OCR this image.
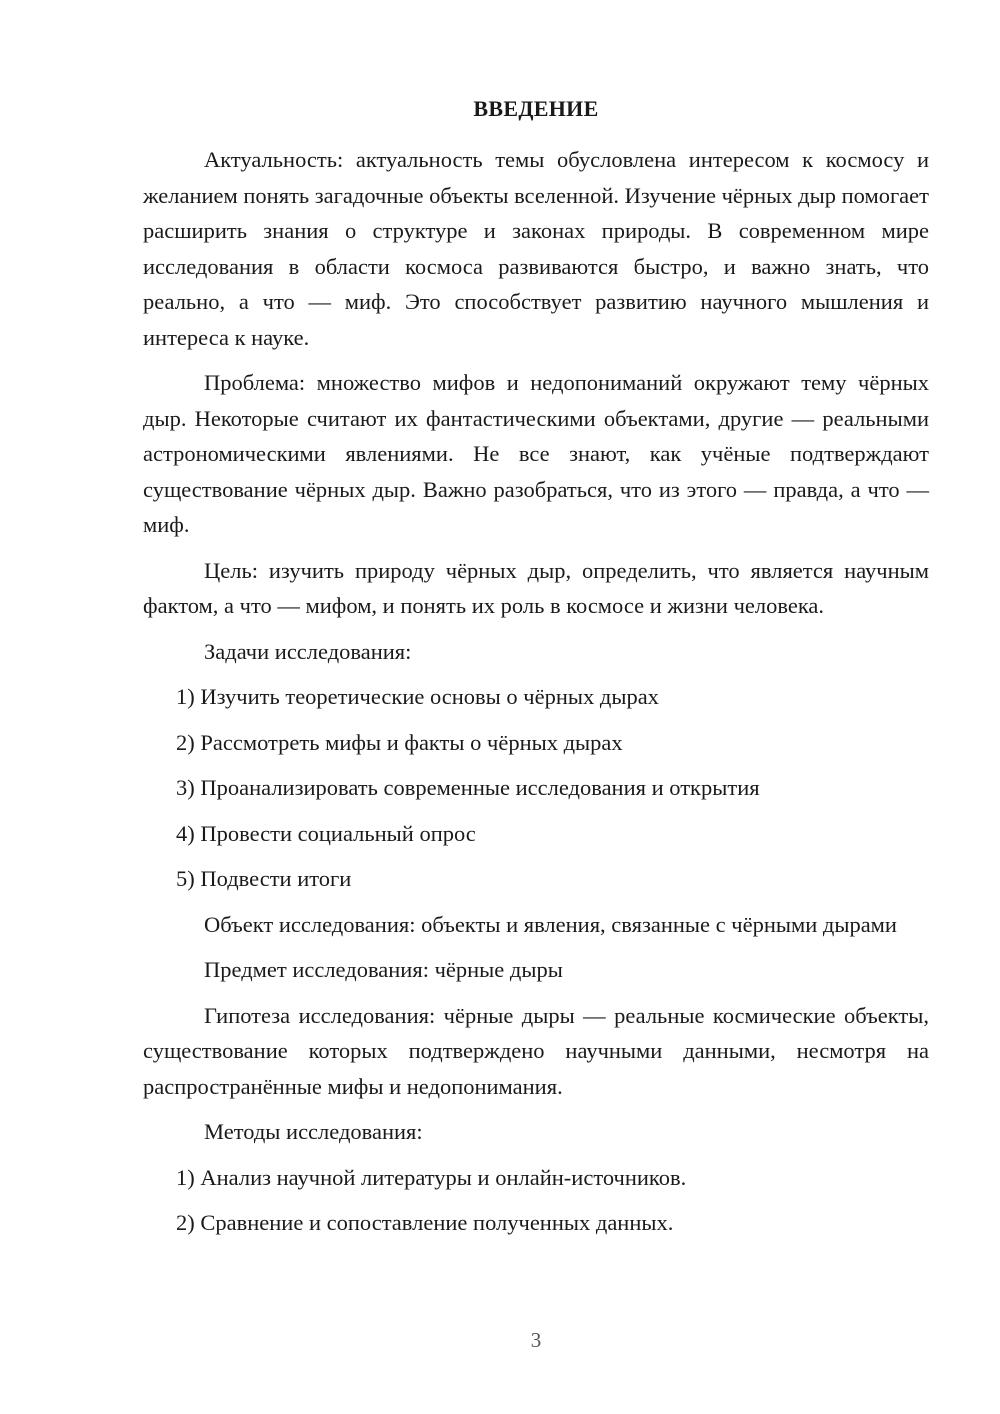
ВВЕДЕНИЕ

Актуальность: актуальность темы обусловлена интересом к космосу и желанием понять загадочные объекты вселенной. Изучение чёрных дыр помогает расширить знания о структуре и законах природы. В современном мире исследования в области космоса развиваются быстро, и важно знать, что реально, а что — миф. Это способствует развитию научного мышления и интереса к науке.

Проблема: множество мифов и недопониманий окружают тему чёрных дыр. Некоторые считают их фантастическими объектами, другие — реальными астрономическими явлениями. Не все знают, как учёные подтверждают существование чёрных дыр. Важно разобраться, что из этого — правда, а что — миф.

Цель: изучить природу чёрных дыр, определить, что является научным фактом, а что — мифом, и понять их роль в космосе и жизни человека.

Задачи исследования:

1) Изучить теоретические основы о чёрных дырах

2) Рассмотреть мифы и факты о чёрных дырах

3) Проанализировать современные исследования и открытия

4) Провести социальный опрос

5) Подвести итоги

Объект исследования: объекты и явления, связанные с чёрными дырами

Предмет исследования: чёрные дыры

Гипотеза исследования: чёрные дыры — реальные космические объекты, существование которых подтверждено научными данными, несмотря на распространённые мифы и недопонимания.

Методы исследования:

1) Анализ научной литературы и онлайн-источников.

2) Сравнение и сопоставление полученных данных.

3
